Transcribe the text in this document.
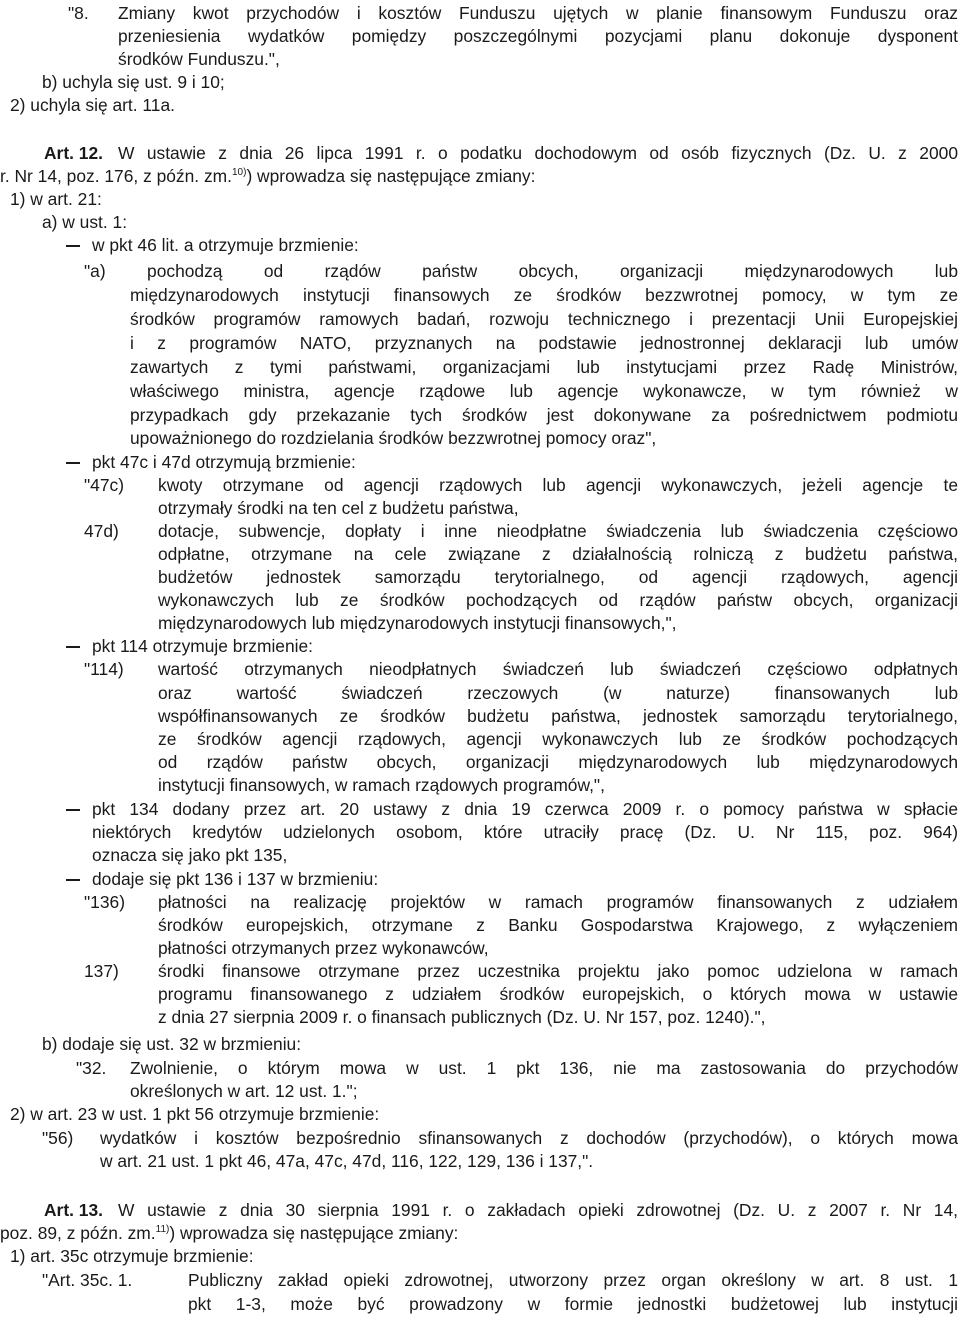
"8. Zmiany kwot przychodów i kosztów Funduszu ujętych w planie finansowym Funduszu oraz
przeniesienia wydatków pomiędzy poszczególnymi pozycjami planu dokonuje dysponent
środków Funduszu.",
b) uchyla się ust. 9 i 10;
2) uchyla się art. 11a.
Art. 12. W ustawie z dnia 26 lipca 1991 r. o podatku dochodowym od osób fizycznych (Dz. U. z 2000
r. Nr 14, poz. 176, z późn. zm.$^{10)}$) wprowadza się następujące zmiany:
1) w art. 21:
a) w ust. 1:
w pkt 46 lit. a otrzymuje brzmienie:
"a) pochodzą od rządów państw obcych, organizacji międzynarodowych lub
międzynarodowych instytucji finansowych ze środków bezzwrotnej pomocy, w tym ze
środków programów ramowych badań, rozwoju technicznego i prezentacji Unii Europejskiej
i z programów NATO, przyznanych na podstawie jednostronnej deklaracji lub umów
zawartych z tymi państwami, organizacjami lub instytucjami przez Radę Ministrów,
właściwego ministra, agencje rządowe lub agencje wykonawcze, w tym również w
przypadkach gdy przekazanie tych środków jest dokonywane za pośrednictwem podmiotu
upoważnionego do rozdzielania środków bezzwrotnej pomocy oraz",
pkt 47c i 47d otrzymują brzmienie:
"47c) kwoty otrzymane od agencji rządowych lub agencji wykonawczych, jeżeli agencje te
otrzymały środki na ten cel z budżetu państwa,
47d) dotacje, subwencje, dopłaty i inne nieodpłatne świadczenia lub świadczenia częściowo
odpłatne, otrzymane na cele związane z działalnością rolniczą z budżetu państwa,
budżetów jednostek samorządu terytorialnego, od agencji rządowych, agencji
wykonawczych lub ze środków pochodzących od rządów państw obcych, organizacji
międzynarodowych lub międzynarodowych instytucji finansowych,",
pkt 114 otrzymuje brzmienie:
"114) wartość otrzymanych nieodpłatnych świadczeń lub świadczeń częściowo odpłatnych
oraz wartość świadczeń rzeczowych (w naturze) finansowanych lub
współfinansowanych ze środków budżetu państwa, jednostek samorządu terytorialnego,
ze środków agencji rządowych, agencji wykonawczych lub ze środków pochodzących
od rządów państw obcych, organizacji międzynarodowych lub międzynarodowych
instytucji finansowych, w ramach rządowych programów,",
pkt 134 dodany przez art. 20 ustawy z dnia 19 czerwca 2009 r. o pomocy państwa w spłacie
niektórych kredytów udzielonych osobom, które utraciły pracę (Dz. U. Nr 115, poz. 964)
oznacza się jako pkt 135,
dodaje się pkt 136 i 137 w brzmieniu:
"136) płatności na realizację projektów w ramach programów finansowanych z udziałem
środków europejskich, otrzymane z Banku Gospodarstwa Krajowego, z wyłączeniem
płatności otrzymanych przez wykonawców,
137) środki finansowe otrzymane przez uczestnika projektu jako pomoc udzielona w ramach
programu finansowanego z udziałem środków europejskich, o których mowa w ustawie
z dnia 27 sierpnia 2009 r. o finansach publicznych (Dz. U. Nr 157, poz. 1240).",
b) dodaje się ust. 32 w brzmieniu:
"32. Zwolnienie, o którym mowa w ust. 1 pkt 136, nie ma zastosowania do przychodów
określonych w art. 12 ust. 1.";
2) w art. 23 w ust. 1 pkt 56 otrzymuje brzmienie:
"56) wydatków i kosztów bezpośrednio sfinansowanych z dochodów (przychodów), o których mowa
w art. 21 ust. 1 pkt 46, 47a, 47c, 47d, 116, 122, 129, 136 i 137,".
Art. 13. W ustawie z dnia 30 sierpnia 1991 r. o zakładach opieki zdrowotnej (Dz. U. z 2007 r. Nr 14,
poz. 89, z późn. zm.$^{11)}$) wprowadza się następujące zmiany:
1) art. 35c otrzymuje brzmienie:
"Art. 35c. 1.	Publiczny zakład opieki zdrowotnej, utworzony przez organ określony w art. 8 ust. 1
pkt 1-3, może być prowadzony w formie jednostki budżetowej lub instytucji
